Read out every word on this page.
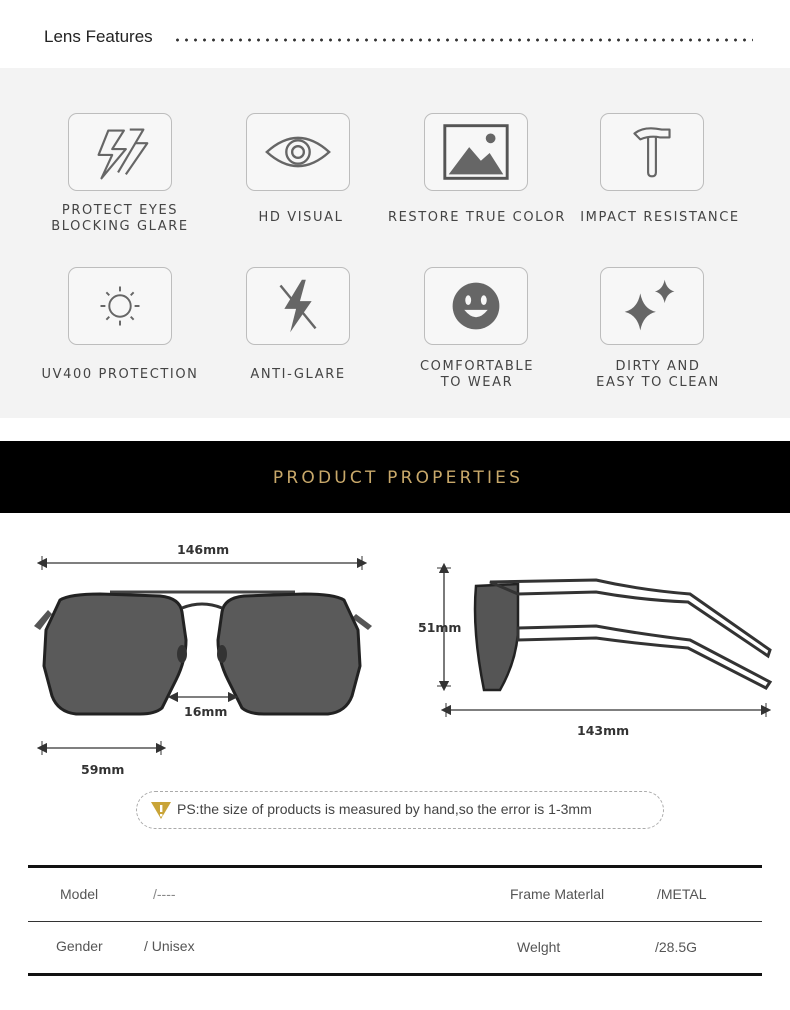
Lens Features
PROTECT EYES
BLOCKING GLARE
HD VISUAL	RESTORE TRUE COLOR	IMPACT RESISTANCE
UV400 PROTECTION	ANTI-GLARE
COMFORTABLE
TO WEAR
DIRTY AND
EASY TO CLEAN
PRODUCT PROPERTIES
146mm
16mm
59mm
51mm
143mm
PS:the size of products is measured by hand,so the error is 1-3mm
Model	/----	Frame Materlal	/METAL
Gender	/ Unisex	Welght	/28.5G
